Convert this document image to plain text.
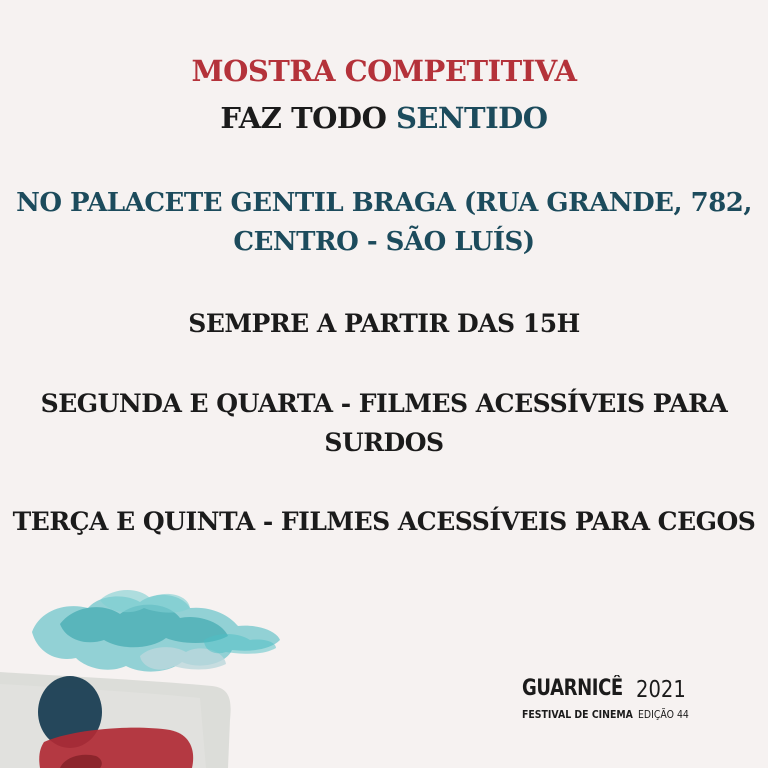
MOSTRA COMPETITIVA
FAZ TODO SENTIDO
NO PALACETE GENTIL BRAGA (RUA GRANDE, 782,
CENTRO - SÃO LUÍS)
SEMPRE A PARTIR DAS 15H
SEGUNDA E QUARTA - FILMES ACESSÍVEIS PARA
SURDOS
TERÇA E QUINTA - FILMES ACESSÍVEIS PARA CEGOS
GUARNICÊ 2021
FESTIVAL DE CINEMA EDIÇÃO 44
